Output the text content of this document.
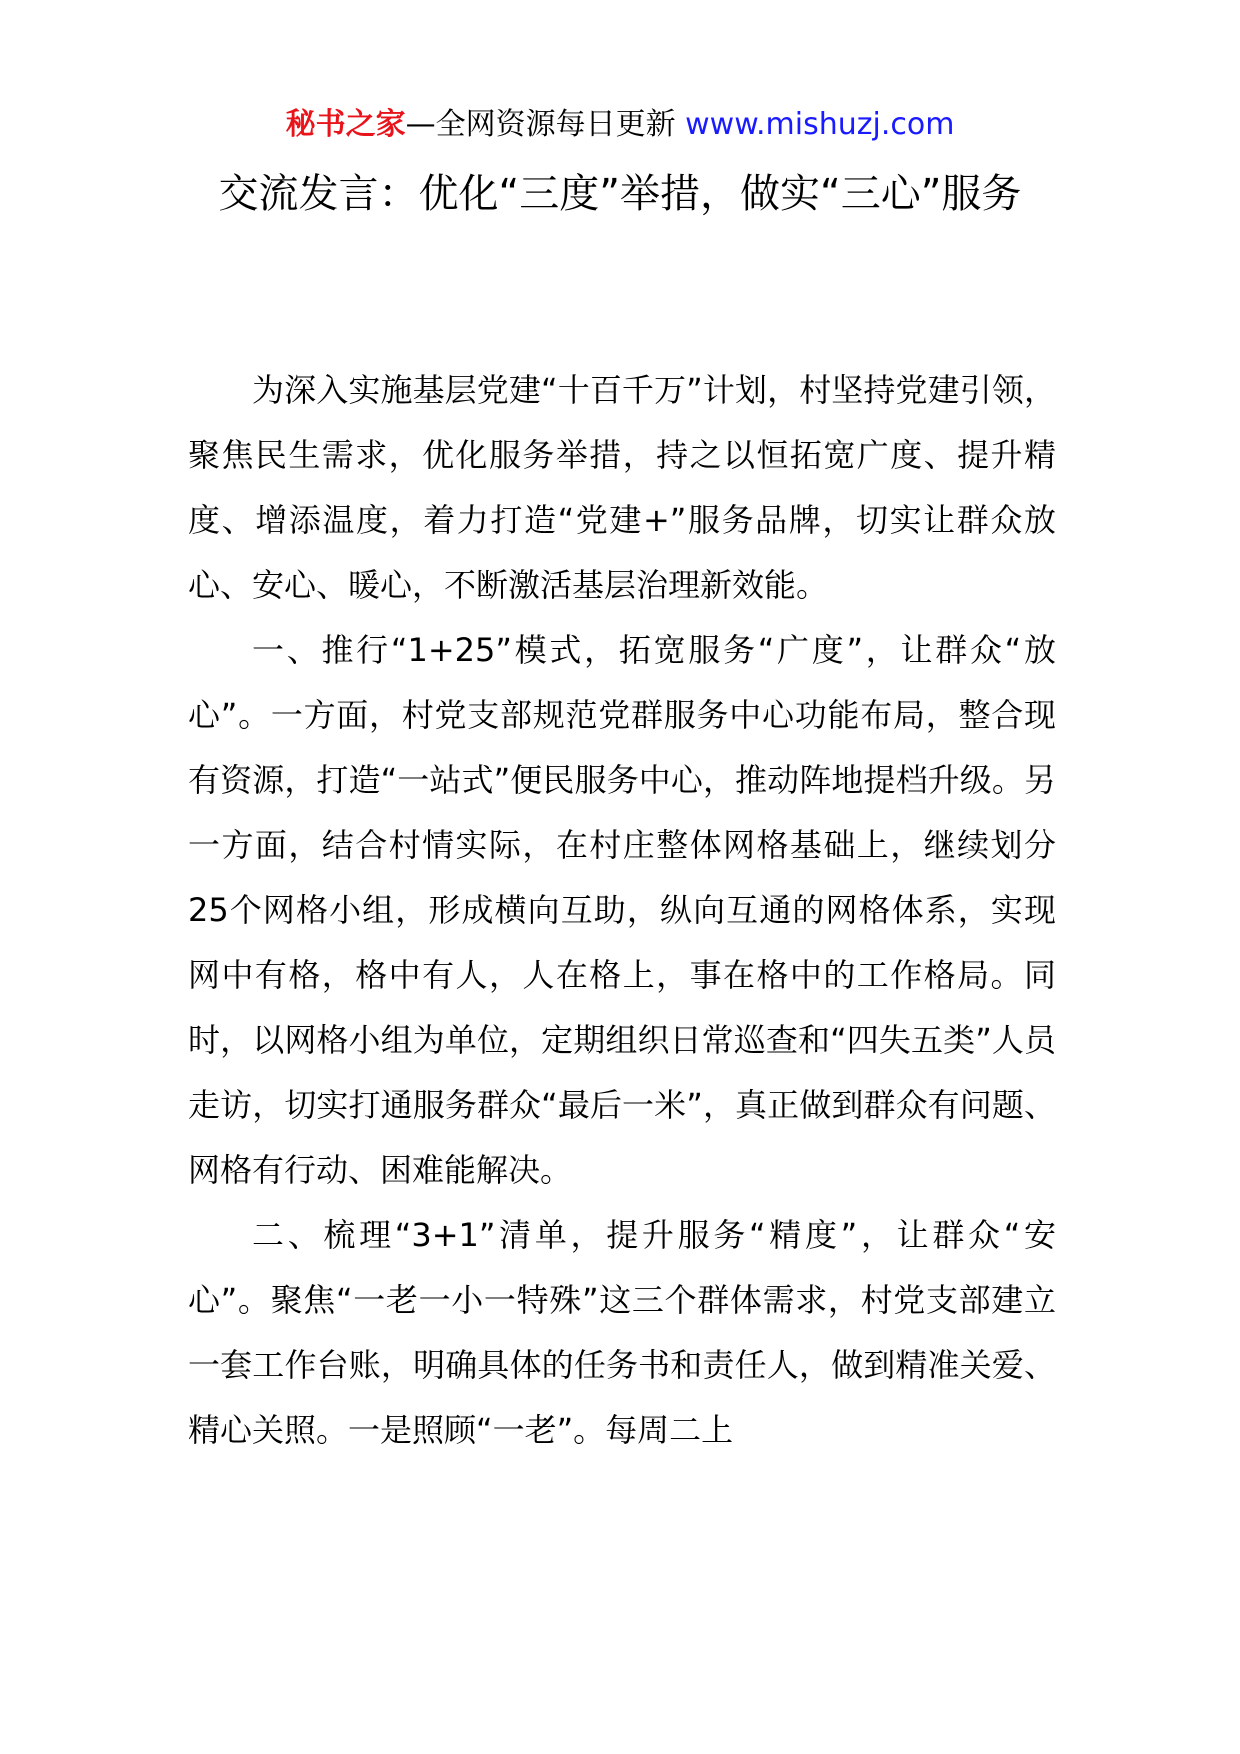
秘书之家—全网资源每日更新 www.mishuzj.com
交流发言：优化“三度”举措，做实“三心”服务

为深入实施基层党建“十百千万”计划，村坚持党建引领，聚焦民生需求，优化服务举措，持之以恒拓宽广度、提升精度、增添温度，着力打造“党建+”服务品牌，切实让群众放心、安心、暖心，不断激活基层治理新效能。

一、推行“1+25”模式，拓宽服务“广度”，让群众“放心”。一方面，村党支部规范党群服务中心功能布局，整合现有资源，打造“一站式”便民服务中心，推动阵地提档升级。另一方面，结合村情实际，在村庄整体网格基础上，继续划分25个网格小组，形成横向互助，纵向互通的网格体系，实现网中有格，格中有人，人在格上，事在格中的工作格局。同时，以网格小组为单位，定期组织日常巡查和“四失五类”人员走访，切实打通服务群众“最后一米”，真正做到群众有问题、网格有行动、困难能解决。

二、梳理“3+1”清单，提升服务“精度”，让群众“安心”。聚焦“一老一小一特殊”这三个群体需求，村党支部建立一套工作台账，明确具体的任务书和责任人，做到精准关爱、精心关照。一是照顾“一老”。每周二上
